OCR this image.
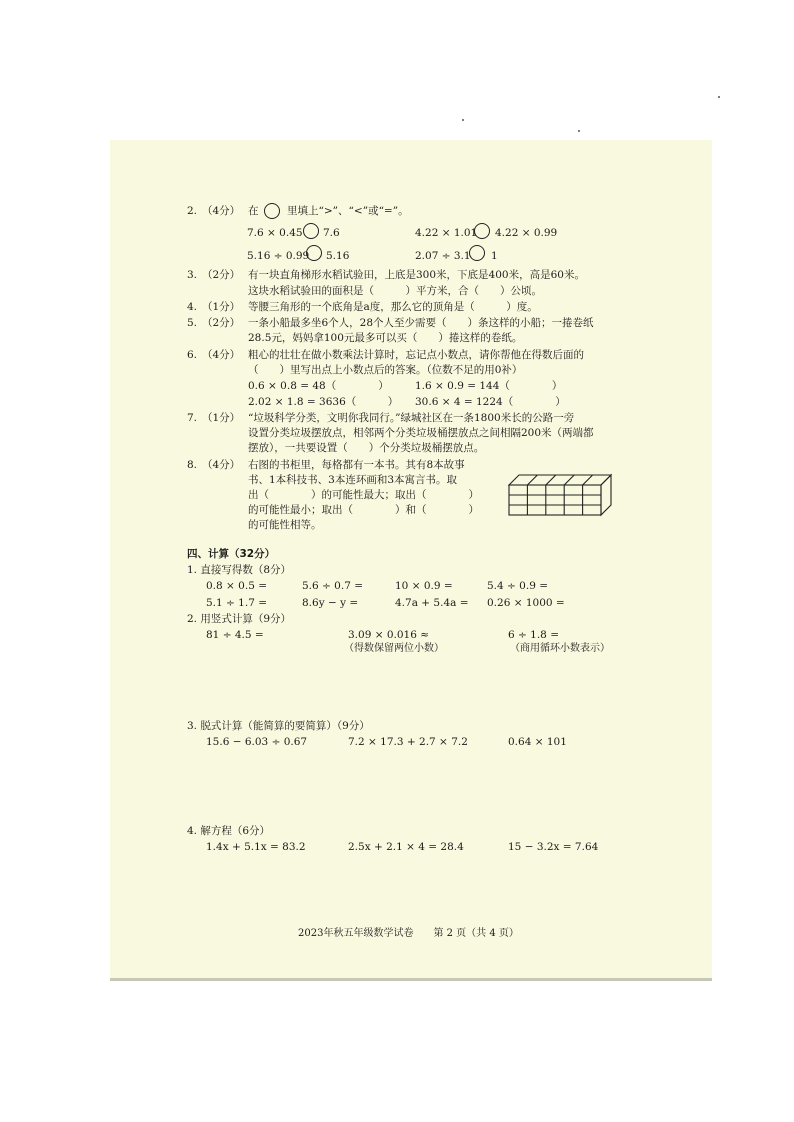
2. （4分） 在	里填上“>”、“<”或“=”。
7.6 × 0.45 7.6	4.22 × 1.01 4.22 × 0.99
5.16 ÷ 0.99 5.16	2.07 ÷ 3.1 1
3. （2分） 有一块直角梯形水稻试验田，上底是300米，下底是400米，高是60米。
这块水稻试验田的面积是（　　　）平方米，合（　　）公顷。
4. （1分） 等腰三角形的一个底角是a度，那么它的顶角是（　　　）度。
5. （2分） 一条小船最多坐6个人，28个人至少需要（　　）条这样的小船；一捲卷纸
28.5元，妈妈拿100元最多可以买（　　）捲这样的卷纸。
6. （4分） 粗心的壮壮在做小数乘法计算时，忘记点小数点，请你帮他在得数后面的
（　　）里写出点上小数点后的答案。（位数不足的用0补）
0.6 × 0.8 = 48（　　　　）	1.6 × 0.9 = 144（　　　　）
2.02 × 1.8 = 3636（　　　） 30.6 × 4 = 1224（　　　　）
7. （1分） “垃圾科学分类，文明你我同行。”绿城社区在一条1800米长的公路一旁
设置分类垃圾摆放点，相邻两个分类垃圾桶摆放点之间相隔200米（两端都
摆放），一共要设置（　　）个分类垃圾桶摆放点。
8. （4分） 右图的书柜里，每格都有一本书。其有8本故事
书、1本科技书、3本连环画和3本寓言书。取
出（　　　　）的可能性最大；取出（　　　　）
的可能性最小；取出（　　　　）和（　　　　）
的可能性相等。
四、计算（32分）
1. 直接写得数（8分）
0.8 × 0.5 =	5.6 ÷ 0.7 =	10 × 0.9 =	5.4 ÷ 0.9 =
5.1 ÷ 1.7 =	8.6y − y =	4.7a + 5.4a = 0.26 × 1000 =
2. 用竖式计算（9分）
81 ÷ 4.5 =	3.09 × 0.016 ≈	6 ÷ 1.8 =
（得数保留两位小数）	（商用循环小数表示）
3. 脱式计算（能简算的要简算）（9分）
15.6 − 6.03 ÷ 0.67	7.2 × 17.3 + 2.7 × 7.2	0.64 × 101
4. 解方程（6分）
1.4x + 5.1x = 83.2	2.5x + 2.1 × 4 = 28.4	15 − 3.2x = 7.64
2023年秋五年级数学试卷　　第 2 页（共 4 页）
